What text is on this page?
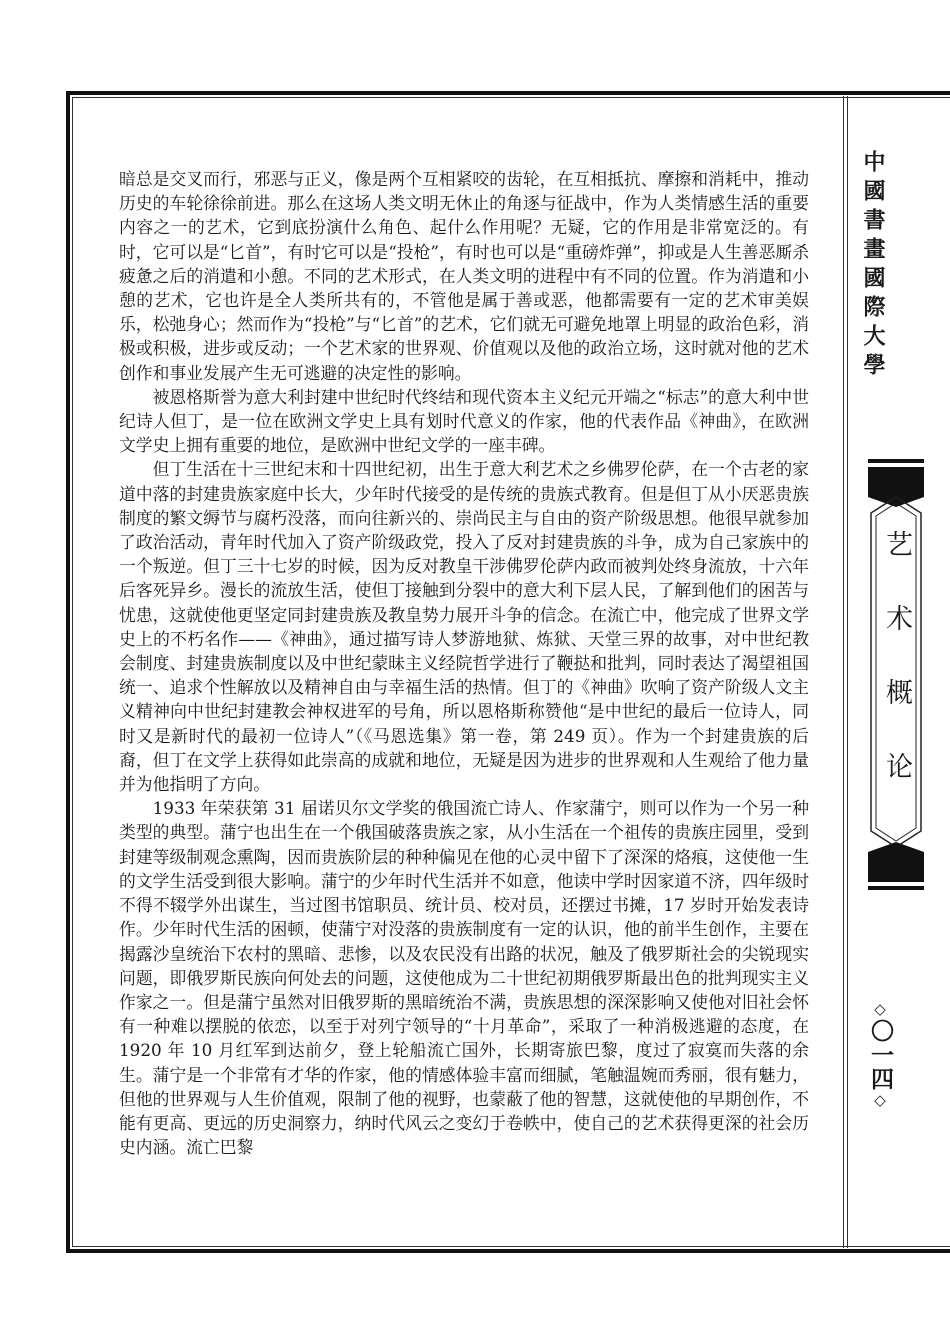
暗总是交叉而行，邪恶与正义，像是两个互相紧咬的齿轮，在互相抵抗、摩擦和消耗中，推动历史的车轮徐徐前进。那么在这场人类文明无休止的角逐与征战中，作为人类情感生活的重要内容之一的艺术，它到底扮演什么角色、起什么作用呢？无疑，它的作用是非常宽泛的。有时，它可以是“匕首”，有时它可以是“投枪”，有时也可以是“重磅炸弹”，抑或是人生善恶厮杀疲惫之后的消遣和小憩。不同的艺术形式，在人类文明的进程中有不同的位置。作为消遣和小憩的艺术，它也许是全人类所共有的，不管他是属于善或恶，他都需要有一定的艺术审美娱乐，松弛身心；然而作为“投枪”与“匕首”的艺术，它们就无可避免地罩上明显的政治色彩，消极或积极，进步或反动；一个艺术家的世界观、价值观以及他的政治立场，这时就对他的艺术创作和事业发展产生无可逃避的决定性的影响。

被恩格斯誉为意大利封建中世纪时代终结和现代资本主义纪元开端之“标志”的意大利中世纪诗人但丁，是一位在欧洲文学史上具有划时代意义的作家，他的代表作品《神曲》，在欧洲文学史上拥有重要的地位，是欧洲中世纪文学的一座丰碑。

但丁生活在十三世纪末和十四世纪初，出生于意大利艺术之乡佛罗伦萨，在一个古老的家道中落的封建贵族家庭中长大，少年时代接受的是传统的贵族式教育。但是但丁从小厌恶贵族制度的繁文缛节与腐朽没落，而向往新兴的、崇尚民主与自由的资产阶级思想。他很早就参加了政治活动，青年时代加入了资产阶级政党，投入了反对封建贵族的斗争，成为自己家族中的一个叛逆。但丁三十七岁的时候，因为反对教皇干涉佛罗伦萨内政而被判处终身流放，十六年后客死异乡。漫长的流放生活，使但丁接触到分裂中的意大利下层人民，了解到他们的困苦与忧患，这就使他更坚定同封建贵族及教皇势力展开斗争的信念。在流亡中，他完成了世界文学史上的不朽名作——《神曲》，通过描写诗人梦游地狱、炼狱、天堂三界的故事，对中世纪教会制度、封建贵族制度以及中世纪蒙昧主义经院哲学进行了鞭挞和批判，同时表达了渴望祖国统一、追求个性解放以及精神自由与幸福生活的热情。但丁的《神曲》吹响了资产阶级人文主义精神向中世纪封建教会神权进军的号角，所以恩格斯称赞他“是中世纪的最后一位诗人，同时又是新时代的最初一位诗人”（《马恩选集》第一卷，第 249 页）。作为一个封建贵族的后裔，但丁在文学上获得如此崇高的成就和地位，无疑是因为进步的世界观和人生观给了他力量并为他指明了方向。

1933 年荣获第 31 届诺贝尔文学奖的俄国流亡诗人、作家蒲宁，则可以作为一个另一种类型的典型。蒲宁也出生在一个俄国破落贵族之家，从小生活在一个祖传的贵族庄园里，受到封建等级制观念熏陶，因而贵族阶层的种种偏见在他的心灵中留下了深深的烙痕，这使他一生的文学生活受到很大影响。蒲宁的少年时代生活并不如意，他读中学时因家道不济，四年级时不得不辍学外出谋生，当过图书馆职员、统计员、校对员，还摆过书摊，17 岁时开始发表诗作。少年时代生活的困顿，使蒲宁对没落的贵族制度有一定的认识，他的前半生创作，主要在揭露沙皇统治下农村的黑暗、悲惨，以及农民没有出路的状况，触及了俄罗斯社会的尖锐现实问题，即俄罗斯民族向何处去的问题，这使他成为二十世纪初期俄罗斯最出色的批判现实主义作家之一。但是蒲宁虽然对旧俄罗斯的黑暗统治不满，贵族思想的深深影响又使他对旧社会怀有一种难以摆脱的依恋，以至于对列宁领导的“十月革命”，采取了一种消极逃避的态度，在 1920 年 10 月红军到达前夕，登上轮船流亡国外，长期寄旅巴黎，度过了寂寞而失落的余生。蒲宁是一个非常有才华的作家，他的情感体验丰富而细腻，笔触温婉而秀丽，很有魅力，但他的世界观与人生价值观，限制了他的视野，也蒙蔽了他的智慧，这就使他的早期创作，不能有更高、更远的历史洞察力，纳时代风云之变幻于卷帙中，使自己的艺术获得更深的社会历史内涵。流亡巴黎

中國書畫國際大學
艺术概论
◇〇一四◇
